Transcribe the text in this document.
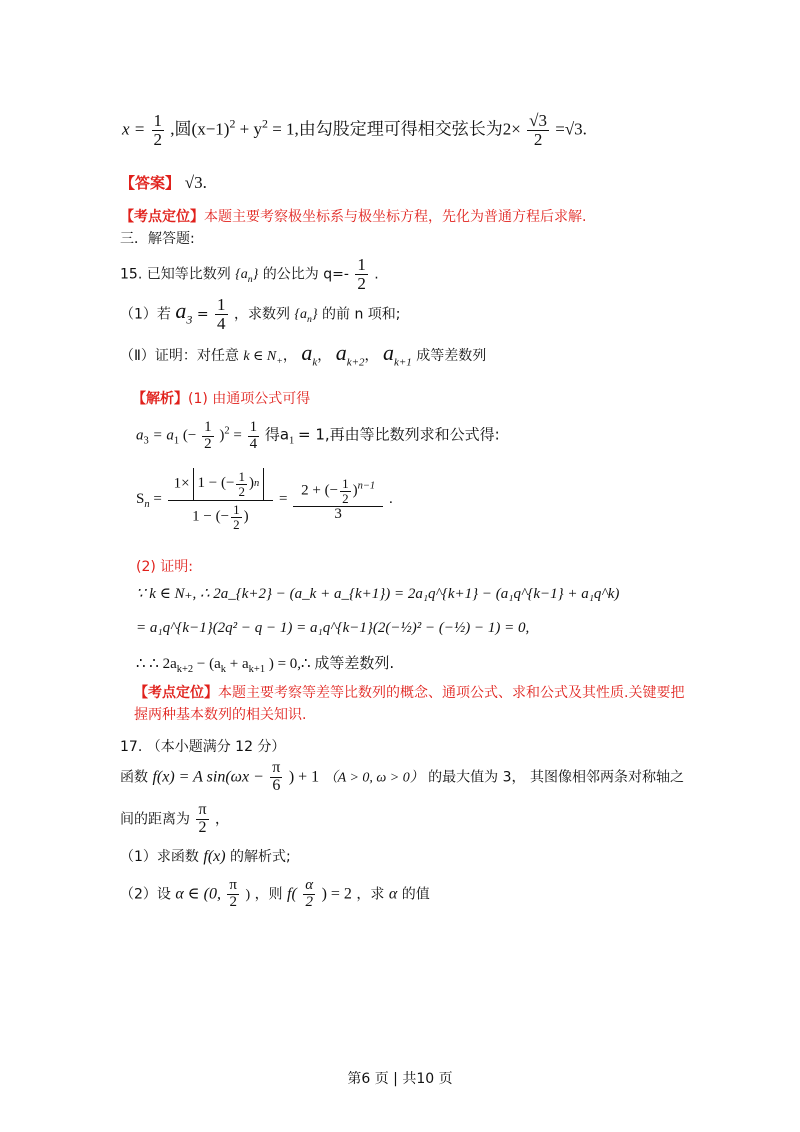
$x = \frac{1}{2}$ ,圆$(x-1)^2 + y^2 = 1$,由勾股定理可得相交弦长为$2\times \frac{√3}{2} =√3$.
【答案】 √3.
【考点定位】本题主要考察极坐标系与极坐标方程，先化为普通方程后求解.
三．解答题:
15. 已知等比数列 $\{a_n\}$ 的公比为 $q=- \frac{1}{2}$ .
（1）若 $a_3 = \frac{1}{4}$ ，求数列 $\{a_n\}$ 的前 n 项和;
（Ⅱ）证明：对任意 k ∈ $N_+$， $a_k$， $a_{k+2}$， $a_{k+1}$ 成等差数列
【解析】(1) 由通项公式可得
$a_3 = a_1$ (− $\frac{1}{2} )^2 = \frac{1}{4}$ 得$a_1 = 1$,再由等比数列求和公式得:
$S_n = \frac{1\times 1 - (- \frac{1}{2} ) n}{1 - (- \frac{1}{2} )} = \frac{2 + (- \frac{1}{2} )^{n-1}}{3}$ .
(2) 证明:
∵ k ∈ N₊, ∴ 2a_{k+2} − (a_k + a_{k+1}) = 2a₁q^{k+1} − (a₁q^{k−1} + a₁q^k)
= a₁q^{k−1}(2q² − q − 1) = a₁q^{k−1}(2(−½)² − (−½) − 1) = 0,
∴ ∴ $2a_{k+2} - (a_k + a_{k+1}$ ) = 0,∴ 成等差数列.
【考点定位】本题主要考察等差等比数列的概念、通项公式、求和公式及其性质.关键要把
握两种基本数列的相关知识.
17. （本小题满分 12 分）
函数 f(x) = A $\sin(\omega x - \frac{\pi}{6}$ ) + 1 （A > 0, ω > 0） 的最大值为 3， 其图像相邻两条对称轴之
间的距离为 $\frac{\pi}{2}$ ，
（1）求函数 f(x) 的解析式;
（2）设 α ∈ (0, $\frac{\pi}{2}$ ) ，则 $f( \frac{\alpha}{2}$ ) = 2 ，求 α 的值
第6 页 | 共10 页
